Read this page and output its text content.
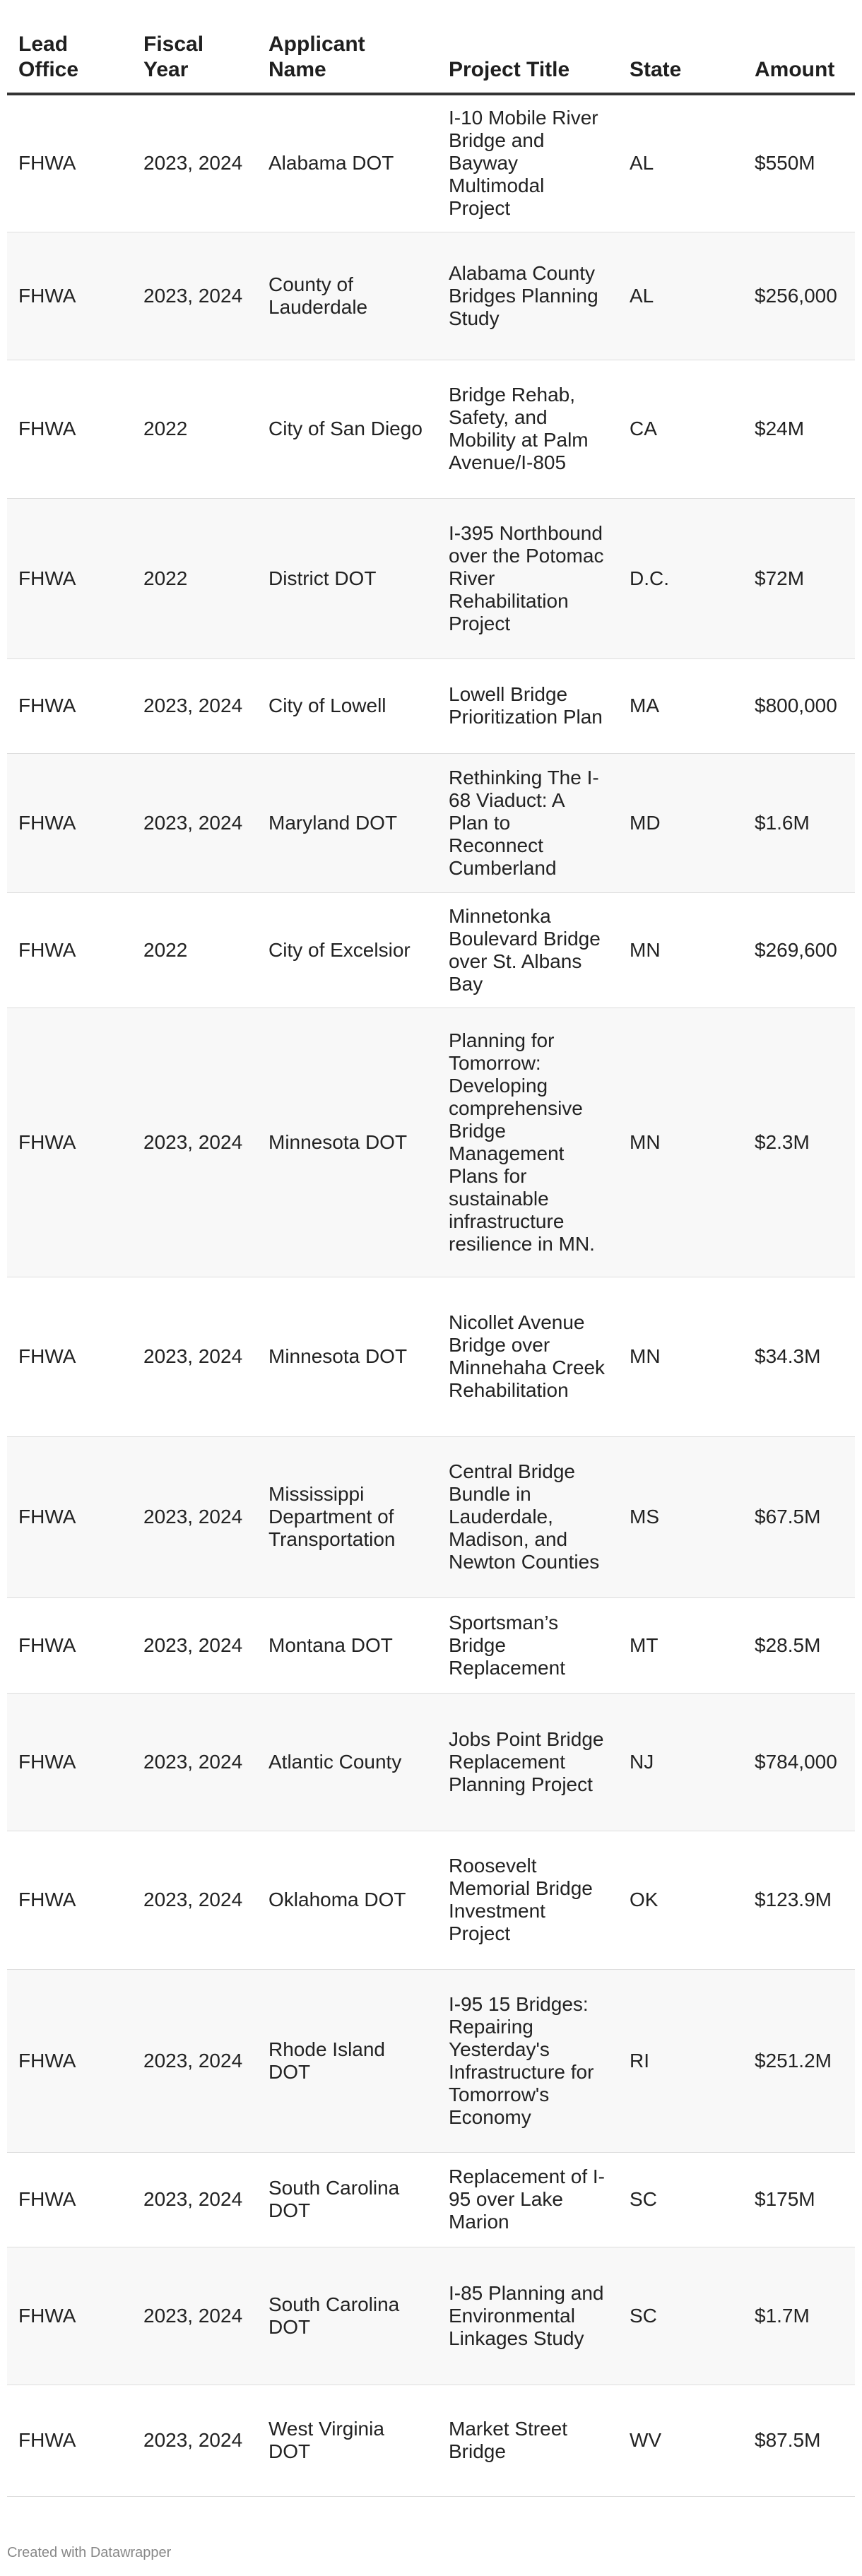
Lead Office	Fiscal Year	Applicant Name	Project Title	State	Amount
FHWA	2023, 2024	Alabama DOT	I-10 Mobile River Bridge and Bayway Multimodal Project	AL	$550M
FHWA	2023, 2024	County of Lauderdale	Alabama County Bridges Planning Study	AL	$256,000
FHWA	2022	City of San Diego	Bridge Rehab, Safety, and Mobility at Palm Avenue/I-805	CA	$24M
FHWA	2022	District DOT	I-395 Northbound over the Potomac River Rehabilitation Project	D.C.	$72M
FHWA	2023, 2024	City of Lowell	Lowell Bridge Prioritization Plan	MA	$800,000
FHWA	2023, 2024	Maryland DOT	Rethinking The I-68 Viaduct: A Plan to Reconnect Cumberland	MD	$1.6M
FHWA	2022	City of Excelsior	Minnetonka Boulevard Bridge over St. Albans Bay	MN	$269,600
FHWA	2023, 2024	Minnesota DOT	Planning for Tomorrow: Developing comprehensive Bridge Management Plans for sustainable infrastructure resilience in MN.	MN	$2.3M
FHWA	2023, 2024	Minnesota DOT	Nicollet Avenue Bridge over Minnehaha Creek Rehabilitation	MN	$34.3M
FHWA	2023, 2024	Mississippi Department of Transportation	Central Bridge Bundle in Lauderdale, Madison, and Newton Counties	MS	$67.5M
FHWA	2023, 2024	Montana DOT	Sportsman’s Bridge Replacement	MT	$28.5M
FHWA	2023, 2024	Atlantic County	Jobs Point Bridge Replacement Planning Project	NJ	$784,000
FHWA	2023, 2024	Oklahoma DOT	Roosevelt Memorial Bridge Investment Project	OK	$123.9M
FHWA	2023, 2024	Rhode Island DOT	I-95 15 Bridges: Repairing Yesterday's Infrastructure for Tomorrow's Economy	RI	$251.2M
FHWA	2023, 2024	South Carolina DOT	Replacement of I-95 over Lake Marion	SC	$175M
FHWA	2023, 2024	South Carolina DOT	I-85 Planning and Environmental Linkages Study	SC	$1.7M
FHWA	2023, 2024	West Virginia DOT	Market Street Bridge	WV	$87.5M
Created with Datawrapper
